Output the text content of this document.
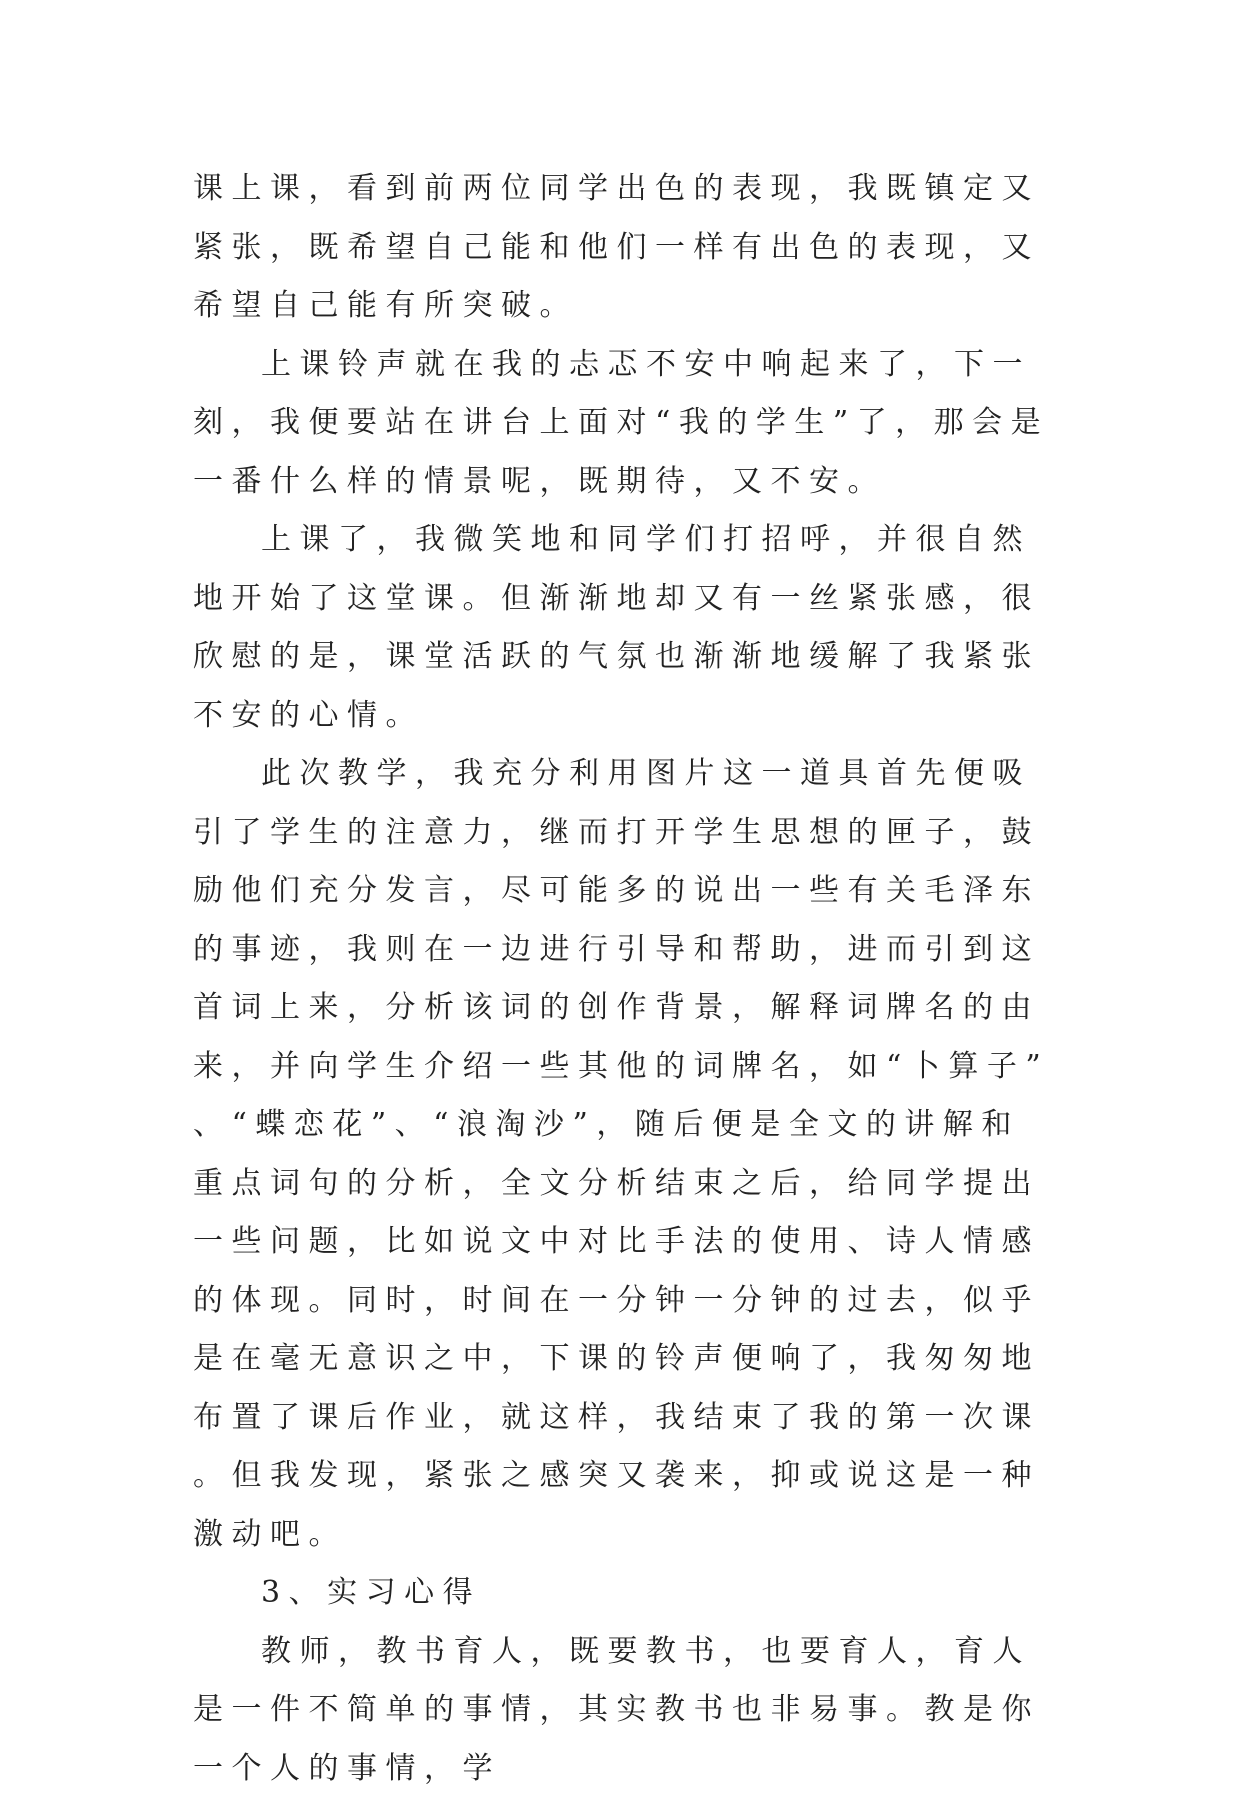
课上课，看到前两位同学出色的表现，我既镇定又紧张，既希望自己能和他们一样有出色的表现，又希望自己能有所突破。

上课铃声就在我的忐忑不安中响起来了，下一刻，我便要站在讲台上面对“我的学生”了，那会是一番什么样的情景呢，既期待，又不安。

上课了，我微笑地和同学们打招呼，并很自然地开始了这堂课。但渐渐地却又有一丝紧张感，很欣慰的是，课堂活跃的气氛也渐渐地缓解了我紧张不安的心情。

此次教学，我充分利用图片这一道具首先便吸引了学生的注意力，继而打开学生思想的匣子，鼓励他们充分发言，尽可能多的说出一些有关毛泽东的事迹，我则在一边进行引导和帮助，进而引到这首词上来，分析该词的创作背景，解释词牌名的由来，并向学生介绍一些其他的词牌名，如“卜算子”、“蝶恋花”、“浪淘沙”，随后便是全文的讲解和重点词句的分析，全文分析结束之后，给同学提出一些问题，比如说文中对比手法的使用、诗人情感的体现。同时，时间在一分钟一分钟的过去，似乎是在毫无意识之中，下课的铃声便响了，我匆匆地布置了课后作业，就这样，我结束了我的第一次课。但我发现，紧张之感突又袭来，抑或说这是一种激动吧。

3、实习心得

教师，教书育人，既要教书，也要育人，育人是一件不简单的事情，其实教书也非易事。教是你一个人的事情，学
